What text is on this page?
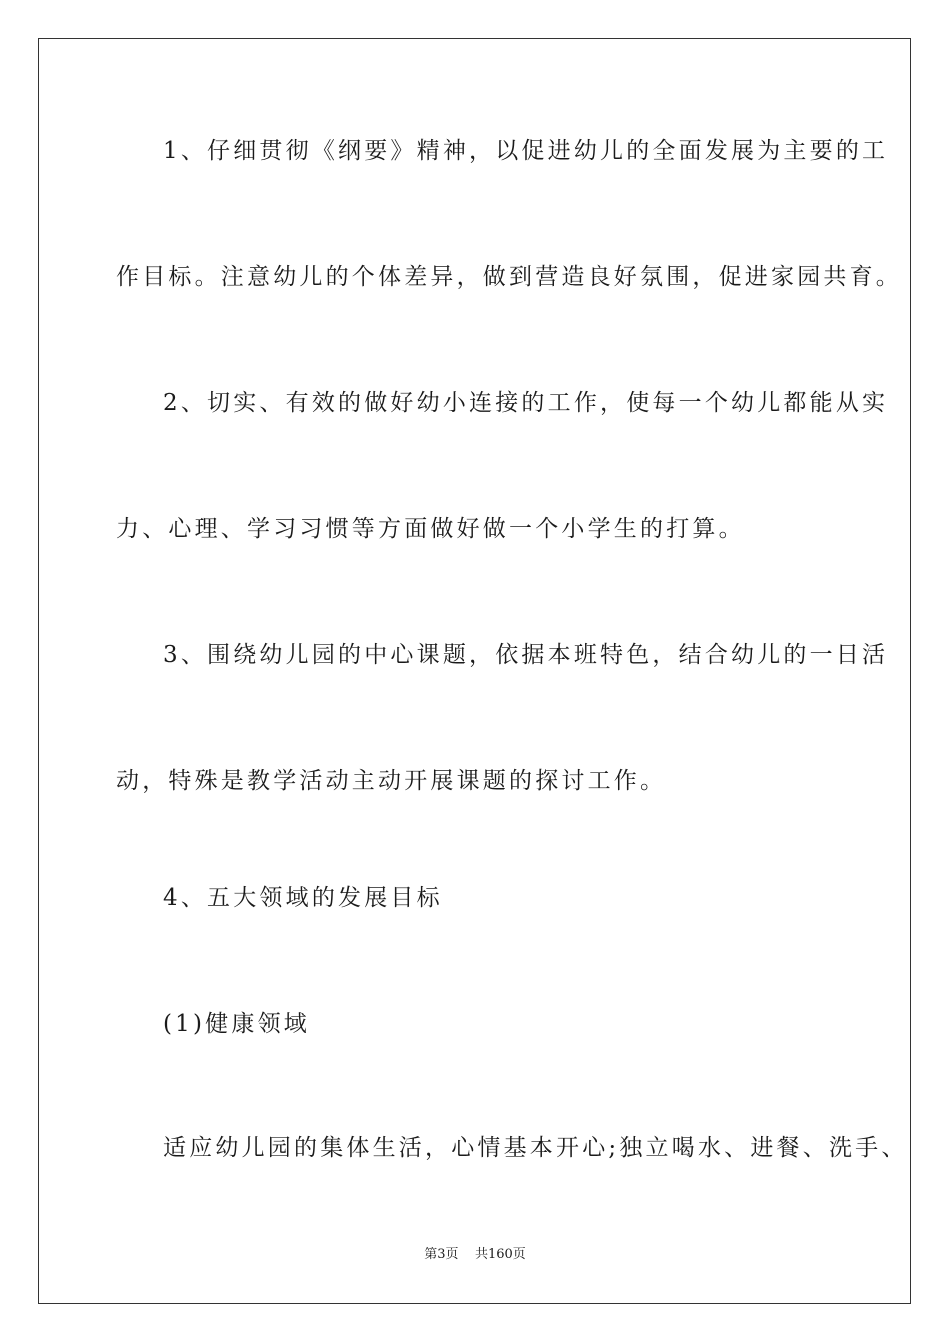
1、仔细贯彻《纲要》精神，以促进幼儿的全面发展为主要的工
作目标。注意幼儿的个体差异，做到营造良好氛围，促进家园共育。
2、切实、有效的做好幼小连接的工作，使每一个幼儿都能从实
力、心理、学习习惯等方面做好做一个小学生的打算。
3、围绕幼儿园的中心课题，依据本班特色，结合幼儿的一日活
动，特殊是教学活动主动开展课题的探讨工作。
4、五大领域的发展目标
(1)健康领域
适应幼儿园的集体生活，心情基本开心;独立喝水、进餐、洗手、
第3页    共160页
